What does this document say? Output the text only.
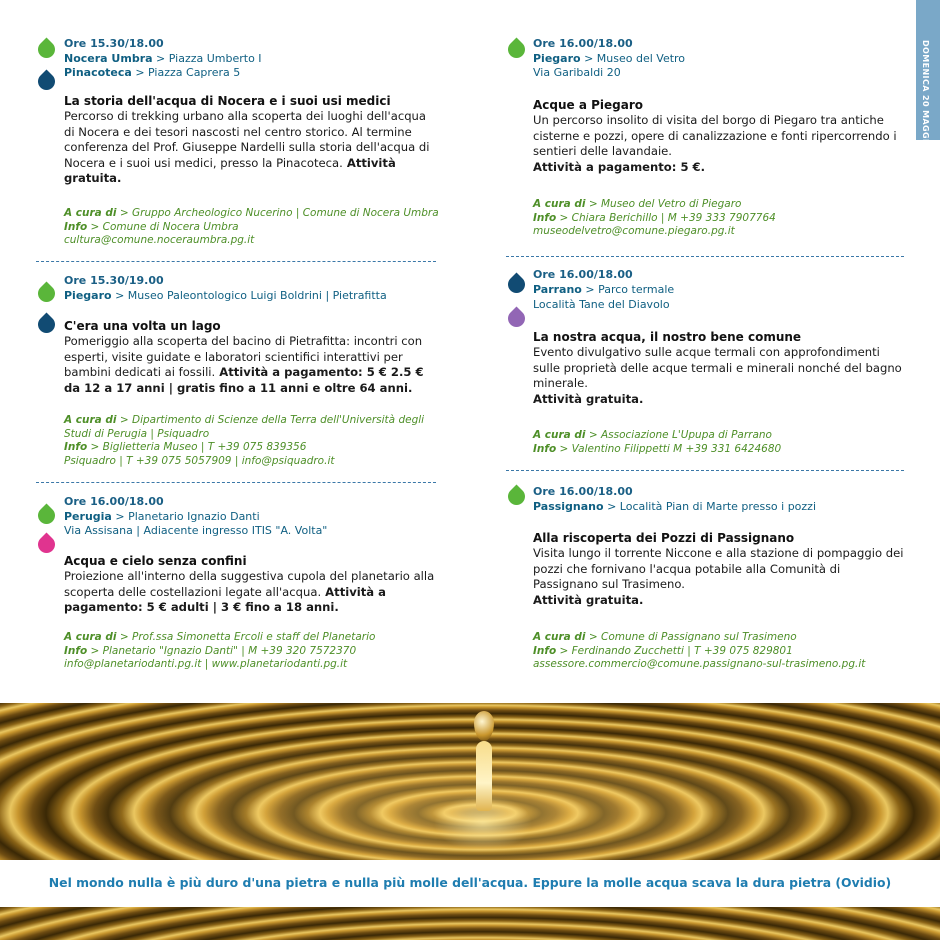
DOMENICA 20 MAGGIO
Ore 15.30/18.00
Nocera Umbra > Piazza Umberto I
Pinacoteca > Piazza Caprera 5
La storia dell'acqua di Nocera e i suoi usi medici
Percorso di trekking urbano alla scoperta dei luoghi dell'acqua di Nocera e dei tesori nascosti nel centro storico. Al termine conferenza del Prof. Giuseppe Nardelli sulla storia dell'acqua di Nocera e i suoi usi medici, presso la Pinacoteca. Attività gratuita.
A cura di > Gruppo Archeologico Nucerino | Comune di Nocera Umbra
Info > Comune di Nocera Umbra
cultura@comune.noceraumbra.pg.it
Ore 15.30/19.00
Piegaro > Museo Paleontologico Luigi Boldrini | Pietrafitta
C'era una volta un lago
Pomeriggio alla scoperta del bacino di Pietrafitta: incontri con esperti, visite guidate e laboratori scientifici interattivi per bambini dedicati ai fossili. Attività a pagamento: 5 € 2.5 € da 12 a 17 anni | gratis fino a 11 anni e oltre 64 anni.
A cura di > Dipartimento di Scienze della Terra dell'Università degli Studi di Perugia | Psiquadro
Info > Biglietteria Museo | T +39 075 839356
Psiquadro | T +39 075 5057909 | info@psiquadro.it
Ore 16.00/18.00
Perugia > Planetario Ignazio Danti
Via Assisana | Adiacente ingresso ITIS "A. Volta"
Acqua e cielo senza confini
Proiezione all'interno della suggestiva cupola del planetario alla scoperta delle costellazioni legate all'acqua. Attività a pagamento: 5 € adulti | 3 € fino a 18 anni.
A cura di > Prof.ssa Simonetta Ercoli e staff del Planetario
Info > Planetario "Ignazio Danti" | M +39 320 7572370
info@planetariodanti.pg.it | www.planetariodanti.pg.it
Ore 16.00/18.00
Piegaro > Museo del Vetro
Via Garibaldi 20
Acque a Piegaro
Un percorso insolito di visita del borgo di Piegaro tra antiche cisterne e pozzi, opere di canalizzazione e fonti ripercorrendo i sentieri delle lavandaie.
Attività a pagamento: 5 €.
A cura di > Museo del Vetro di Piegaro
Info > Chiara Berichillo | M +39 333 7907764
museodelvetro@comune.piegaro.pg.it
Ore 16.00/18.00
Parrano > Parco termale
Località Tane del Diavolo
La nostra acqua, il nostro bene comune
Evento divulgativo sulle acque termali con approfondimenti sulle proprietà delle acque termali e minerali nonché del bagno minerale.
Attività gratuita.
A cura di > Associazione L'Upupa di Parrano
Info > Valentino Filippetti M +39 331 6424680
Ore 16.00/18.00
Passignano > Località Pian di Marte presso i pozzi
Alla riscoperta dei Pozzi di Passignano
Visita lungo il torrente Niccone e alla stazione di pompaggio dei pozzi che fornivano l'acqua potabile alla Comunità di Passignano sul Trasimeno.
Attività gratuita.
A cura di > Comune di Passignano sul Trasimeno
Info > Ferdinando Zucchetti | T +39 075 829801
assessore.commercio@comune.passignano-sul-trasimeno.pg.it
Nel mondo nulla è più duro d'una pietra e nulla più molle dell'acqua. Eppure la molle acqua scava la dura pietra (Ovidio)
